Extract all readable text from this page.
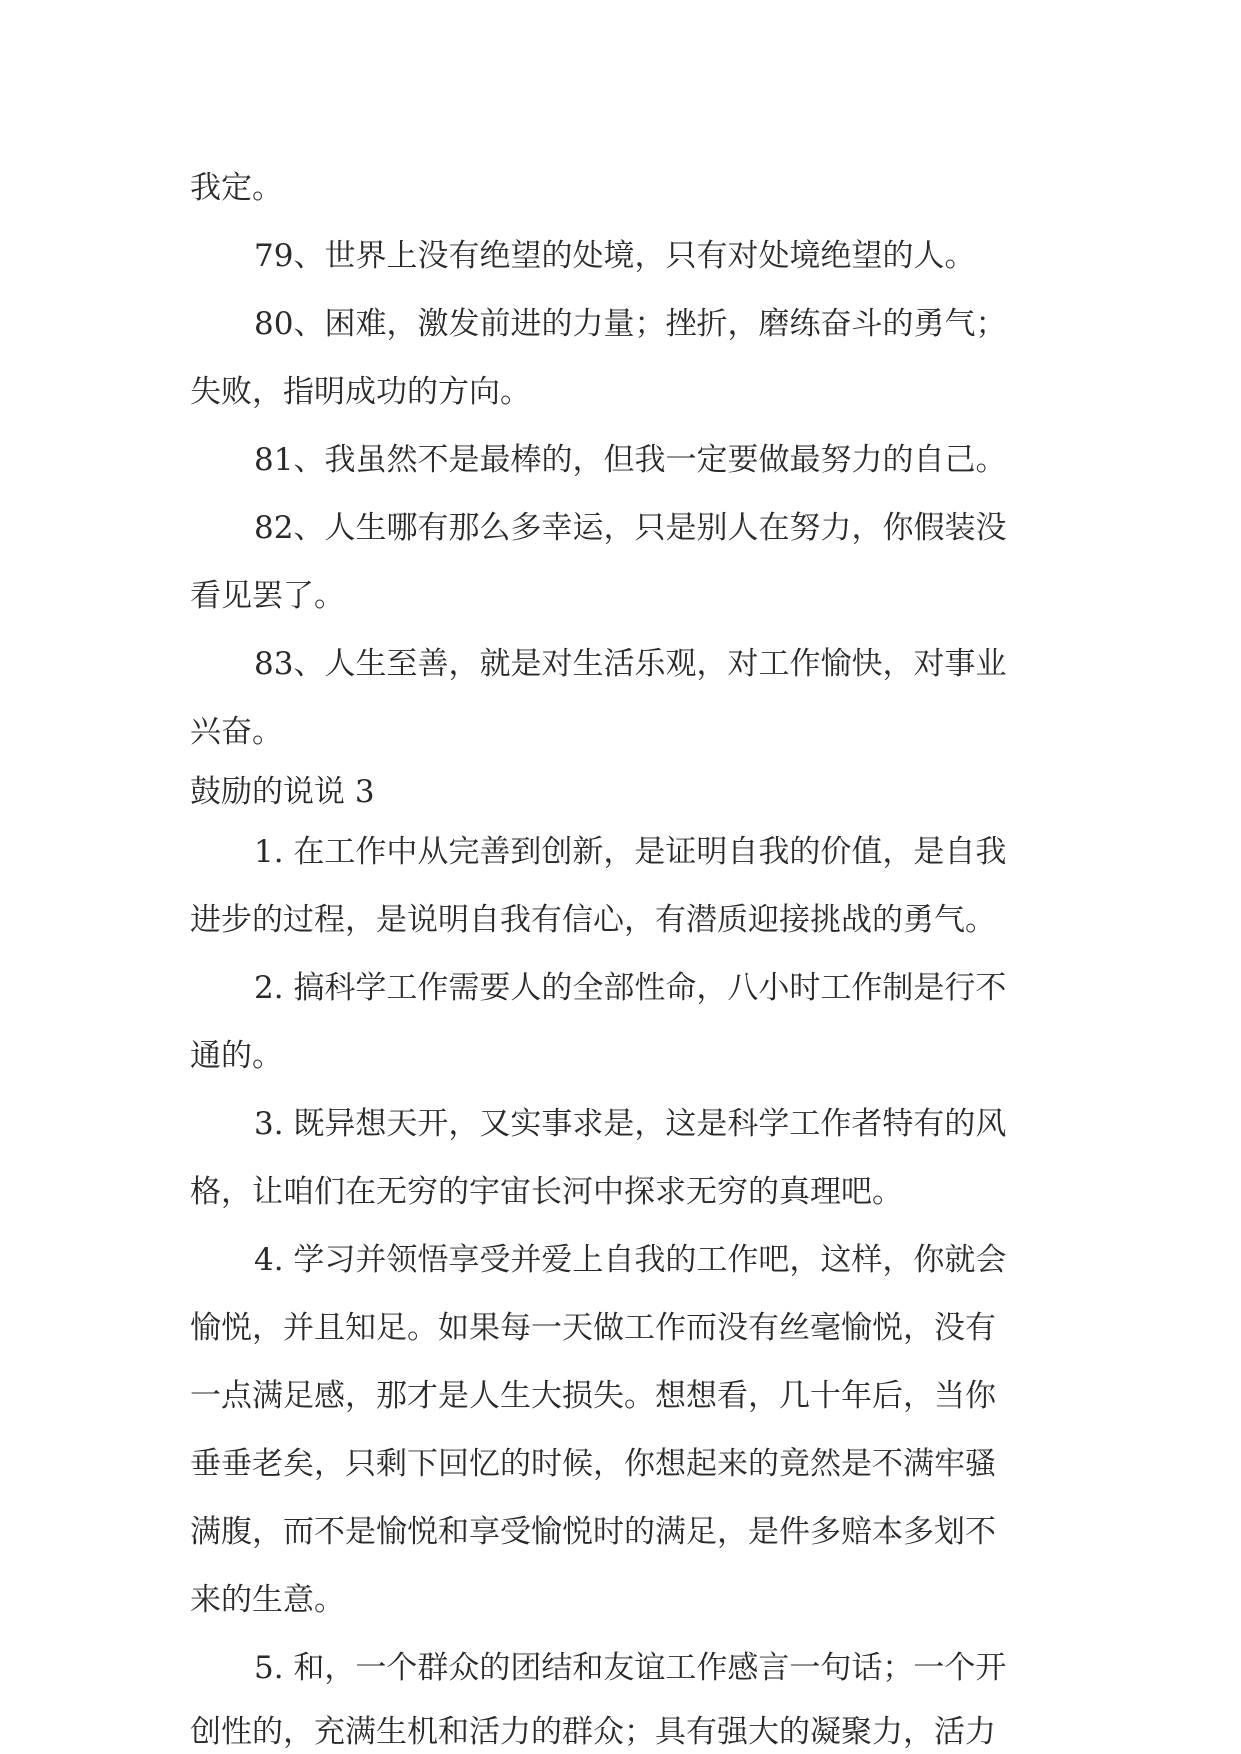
我定。

79、世界上没有绝望的处境，只有对处境绝望的人。

80、困难，激发前进的力量；挫折，磨练奋斗的勇气；

失败，指明成功的方向。

81、我虽然不是最棒的，但我一定要做最努力的自己。

82、人生哪有那么多幸运，只是别人在努力，你假装没

看见罢了。

83、人生至善，就是对生活乐观，对工作愉快，对事业

兴奋。

鼓励的说说 3

1. 在工作中从完善到创新，是证明自我的价值，是自我

进步的过程，是说明自我有信心，有潜质迎接挑战的勇气。

2. 搞科学工作需要人的全部性命，八小时工作制是行不

通的。

3. 既异想天开，又实事求是，这是科学工作者特有的风

格，让咱们在无穷的宇宙长河中探求无穷的真理吧。

4. 学习并领悟享受并爱上自我的工作吧，这样，你就会

愉悦，并且知足。如果每一天做工作而没有丝毫愉悦，没有

一点满足感，那才是人生大损失。想想看，几十年后，当你

垂垂老矣，只剩下回忆的时候，你想起来的竟然是不满牢骚

满腹，而不是愉悦和享受愉悦时的满足，是件多赔本多划不

来的生意。

5. 和，一个群众的团结和友谊工作感言一句话；一个开

创性的，充满生机和活力的群众；具有强大的凝聚力，活力
